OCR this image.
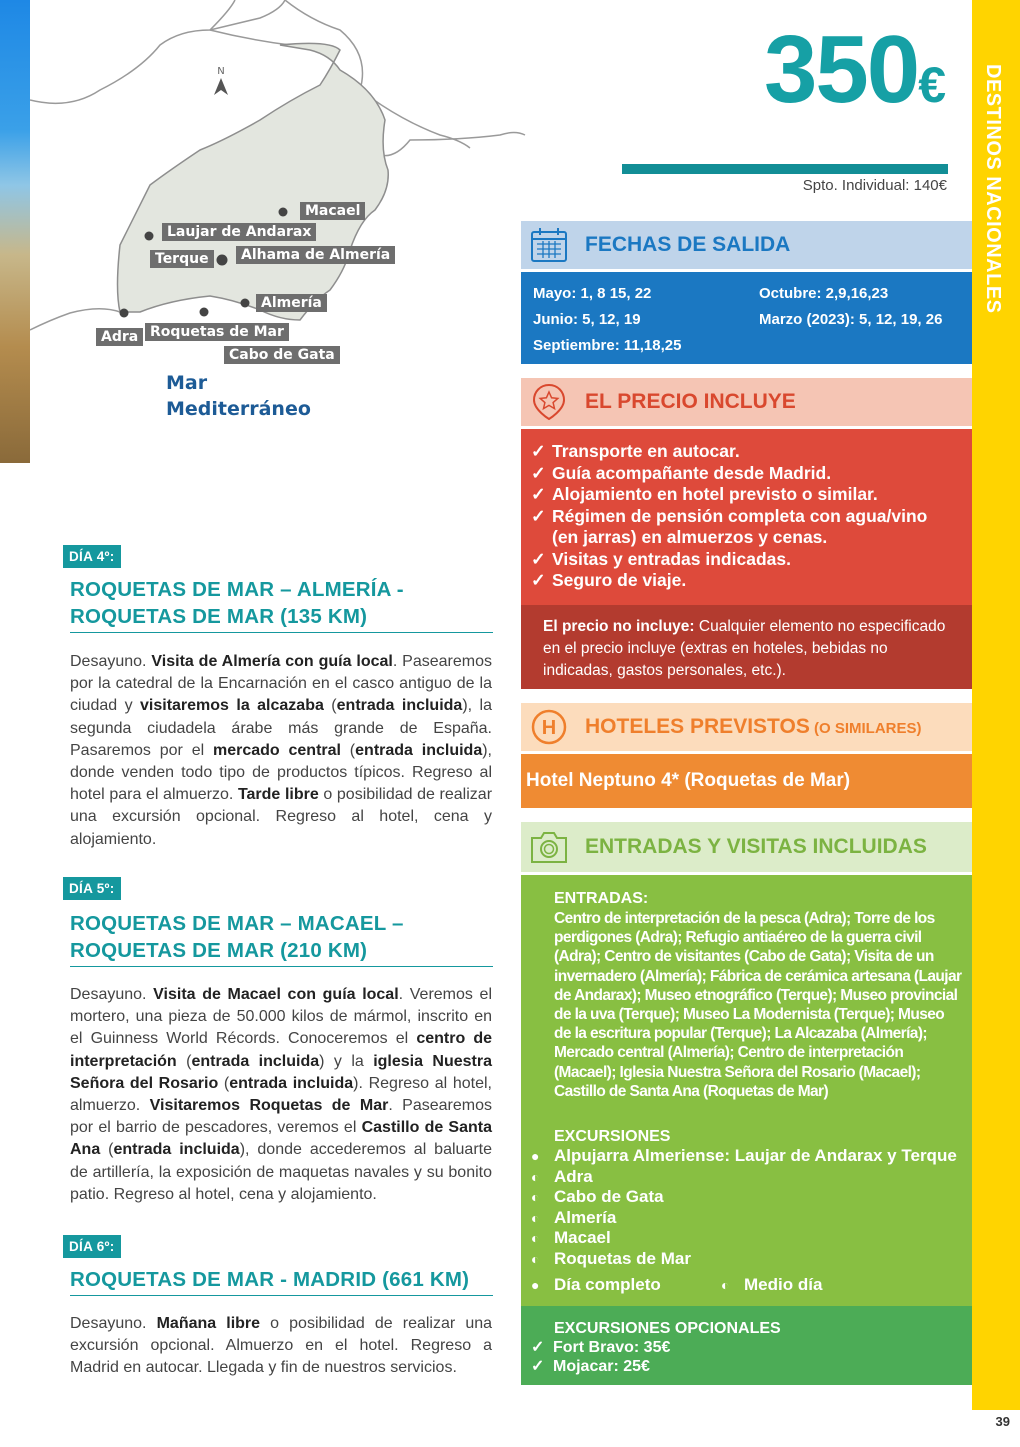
N
Macael
Laujar de Andarax
Terque	Alhama de Almería
Almería
Adra Roquetas de Mar
Cabo de Gata
Mar
Mediterráneo
DESTINOS NACIONALES
39
350€
Spto. Individual: 140€
FECHAS DE SALIDA
Mayo: 1, 8 15, 22	Octubre: 2,9,16,23
Junio: 5, 12, 19	Marzo (2023): 5, 12, 19, 26
Septiembre: 11,18,25
EL PRECIO INCLUYE
✓ Transporte en autocar.
✓ Guía acompañante desde Madrid.
✓ Alojamiento en hotel previsto o similar.
✓ Régimen de pensión completa con agua/vino
(en jarras) en almuerzos y cenas.
✓ Visitas y entradas indicadas.
✓ Seguro de viaje.
El precio no incluye: Cualquier elemento no especificado en el precio incluye (extras en hoteles, bebidas no indicadas, gastos personales, etc.).
H HOTELES PREVISTOS (O SIMILARES)
Hotel Neptuno 4* (Roquetas de Mar)
ENTRADAS Y VISITAS INCLUIDAS
ENTRADAS:
Centro de interpretación de la pesca (Adra); Torre de los perdigones (Adra); Refugio antiaéreo de la guerra civil (Adra); Centro de visitantes (Cabo de Gata); Visita de un invernadero (Almería); Fábrica de cerámica artesana (Laujar de Andarax); Museo etnográfico (Terque); Museo provincial de la uva (Terque); Museo La Modernista (Terque); Museo de la escritura popular (Terque); La Alcazaba (Almería); Mercado central (Almería); Centro de interpretación (Macael); Iglesia Nuestra Señora del Rosario (Macael); Castillo de Santa Ana (Roquetas de Mar)
EXCURSIONES
● Alpujarra Almeriense: Laujar de Andarax y Terque
◐ Adra
◐ Cabo de Gata
◐ Almería
◐ Macael
◐ Roquetas de Mar
● Día completo	◐ Medio día
EXCURSIONES OPCIONALES
✓ Fort Bravo: 35€
✓ Mojacar: 25€
DÍA 4º:
ROQUETAS DE MAR – ALMERÍA - ROQUETAS DE MAR (135 KM)
Desayuno. Visita de Almería con guía local. Pasearemos por la catedral de la Encarnación en el casco antiguo de la ciudad y visitaremos la alcazaba (entrada incluida), la segunda ciudadela árabe más grande de España. Pasaremos por el mercado central (entrada incluida), donde venden todo tipo de productos típicos. Regreso al hotel para el almuerzo. Tarde libre o posibilidad de realizar una excursión opcional. Regreso al hotel, cena y alojamiento.
DÍA 5º:
ROQUETAS DE MAR – MACAEL – ROQUETAS DE MAR (210 KM)
Desayuno. Visita de Macael con guía local. Veremos el mortero, una pieza de 50.000 kilos de mármol, inscrito en el Guinness World Récords. Conoceremos el centro de interpretación (entrada incluida) y la iglesia Nuestra Señora del Rosario (entrada incluida). Regreso al hotel, almuerzo. Visitaremos Roquetas de Mar. Pasearemos por el barrio de pescadores, veremos el Castillo de Santa Ana (entrada incluida), donde accederemos al baluarte de artillería, la exposición de maquetas navales y su bonito patio. Regreso al hotel, cena y alojamiento.
DÍA 6º:
ROQUETAS DE MAR - MADRID (661 KM)
Desayuno. Mañana libre o posibilidad de realizar una excursión opcional. Almuerzo en el hotel. Regreso a Madrid en autocar. Llegada y fin de nuestros servicios.
